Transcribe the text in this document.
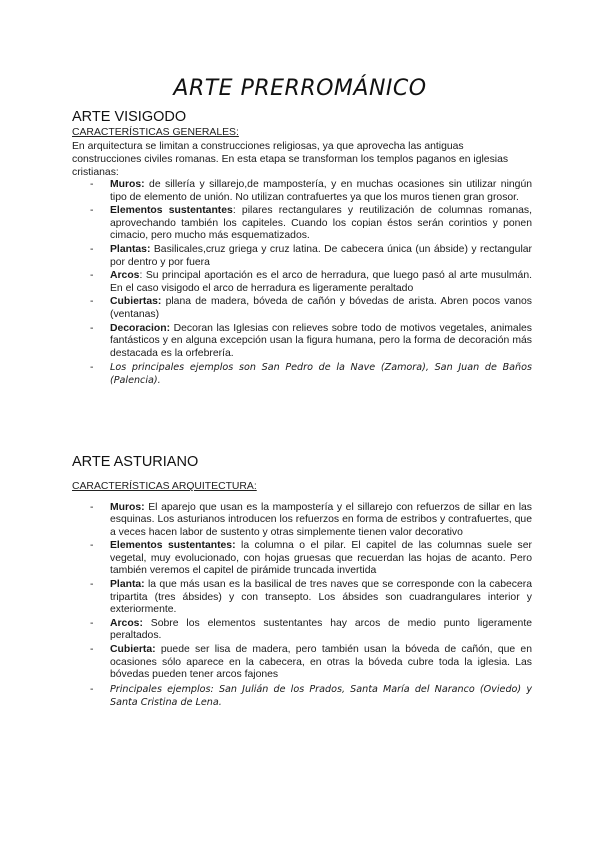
ARTE PRERROMÁNICO
ARTE VISIGODO

CARACTERÍSTICAS GENERALES:

En arquitectura se limitan a construcciones religiosas, ya que aprovecha las antiguas construcciones civiles romanas. En esta etapa se transforman los templos paganos en iglesias cristianas:

- Muros: de sillería y sillarejo,de mampostería, y en muchas ocasiones sin utilizar ningún tipo de elemento de unión. No utilizan contrafuertes ya que los muros tienen gran grosor.
- Elementos sustentantes: pilares rectangulares y reutilización de columnas romanas, aprovechando también los capiteles. Cuando los copian éstos serán corintios y ponen cimacio, pero mucho más esquematizados.
- Plantas: Basilicales,cruz griega y cruz latina. De cabecera única (un ábside) y rectangular por dentro y por fuera
- Arcos: Su principal aportación es el arco de herradura, que luego pasó al arte musulmán. En el caso visigodo el arco de herradura es ligeramente peraltado
- Cubiertas: plana de madera, bóveda de cañón y bóvedas de arista. Abren pocos vanos (ventanas)
- Decoracion: Decoran las Iglesias con relieves sobre todo de motivos vegetales, animales fantásticos y en alguna excepción usan la figura humana, pero la forma de decoración más destacada es la orfebrería.
- Los principales ejemplos son San Pedro de la Nave (Zamora), San Juan de Baños (Palencia).
ARTE ASTURIANO

CARACTERÍSTICAS ARQUITECTURA:

- Muros: El aparejo que usan es la mampostería y el sillarejo con refuerzos de sillar en las esquinas. Los asturianos introducen los refuerzos en forma de estribos y contrafuertes, que a veces hacen labor de sustento y otras simplemente tienen valor decorativo
- Elementos sustentantes: la columna o el pilar. El capitel de las columnas suele ser vegetal, muy evolucionado, con hojas gruesas que recuerdan las hojas de acanto. Pero también veremos el capitel de pirámide truncada invertida
- Planta: la que más usan es la basilical de tres naves que se corresponde con la cabecera tripartita (tres ábsides) y con transepto. Los ábsides son cuadrangulares interior y exteriormente.
- Arcos: Sobre los elementos sustentantes hay arcos de medio punto ligeramente peraltados.
- Cubierta: puede ser lisa de madera, pero también usan la bóveda de cañón, que en ocasiones sólo aparece en la cabecera, en otras la bóveda cubre toda la iglesia. Las bóvedas pueden tener arcos fajones
- Principales ejemplos: San Julián de los Prados, Santa María del Naranco (Oviedo) y Santa Cristina de Lena.
